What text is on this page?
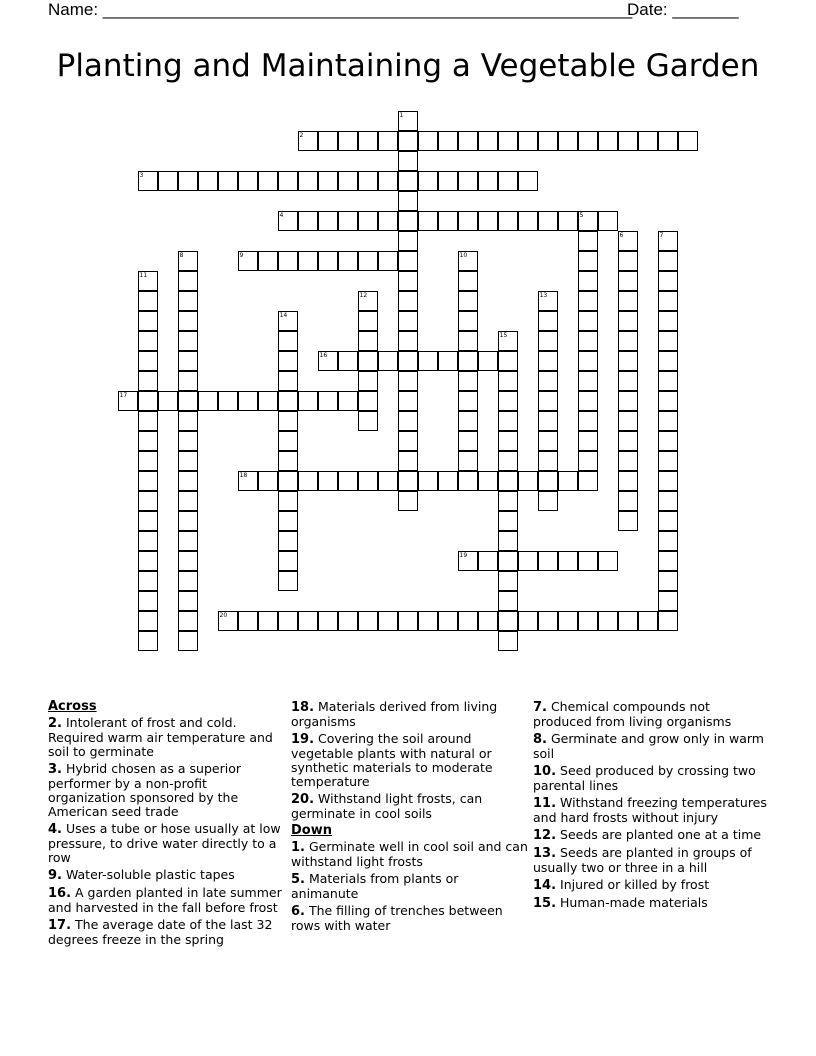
Name: ________________________________________________________
Date: _______
Planting and Maintaining a Vegetable Garden
1
2
3
4	5
6	7
8	9	10
11
12	13
14
15
16
17
18
19
20
Across
2. Intolerant of frost and cold. Required warm air temperature and soil to germinate
3. Hybrid chosen as a superior performer by a non-profit organization sponsored by the American seed trade
4. Uses a tube or hose usually at low pressure, to drive water directly to a row
9. Water-soluble plastic tapes
16. A garden planted in late summer and harvested in the fall before frost
17. The average date of the last 32 degrees freeze in the spring
18. Materials derived from living organisms
19. Covering the soil around vegetable plants with natural or synthetic materials to moderate temperature
20. Withstand light frosts, can germinate in cool soils
Down
1. Germinate well in cool soil and can withstand light frosts
5. Materials from plants or animanute
6. The filling of trenches between rows with water
7. Chemical compounds not produced from living organisms
8. Germinate and grow only in warm soil
10. Seed produced by crossing two parental lines
11. Withstand freezing temperatures and hard frosts without injury
12. Seeds are planted one at a time
13. Seeds are planted in groups of usually two or three in a hill
14. Injured or killed by frost
15. Human-made materials
